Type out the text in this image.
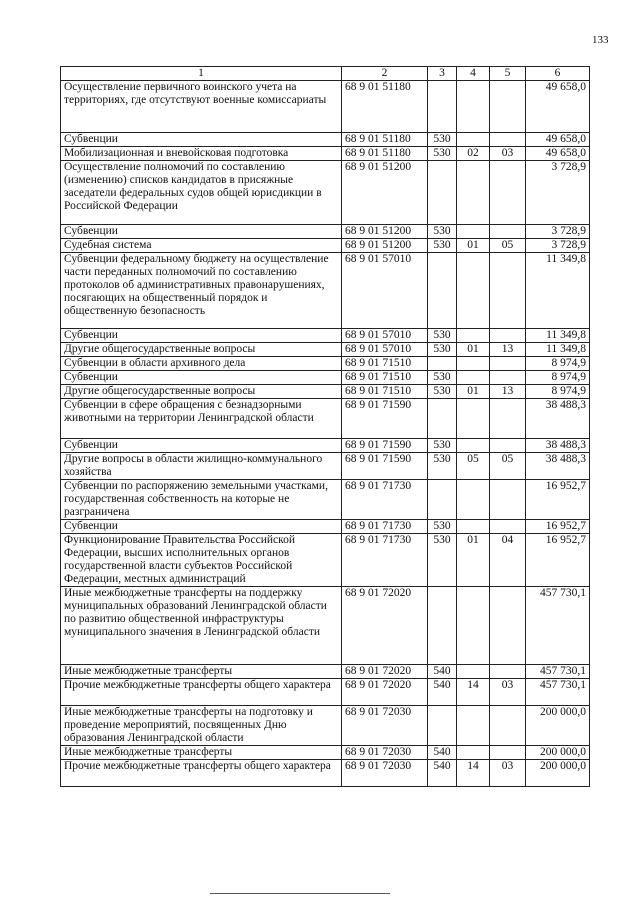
133
1	2	3	4	5	6
Осуществление первичного воинского учета на территориях, где отсутствуют военные комиссариаты	68 9 01 51180				49 658,0
Субвенции	68 9 01 51180	530			49 658,0
Мобилизационная и вневойсковая подготовка	68 9 01 51180	530	02	03	49 658,0
Осуществление полномочий по составлению (изменению) списков кандидатов в присяжные заседатели федеральных судов общей юрисдикции в Российской Федерации	68 9 01 51200				3 728,9
Субвенции	68 9 01 51200	530			3 728,9
Судебная система	68 9 01 51200	530	01	05	3 728,9
Субвенции федеральному бюджету на осуществление части переданных полномочий по составлению протоколов об административных правонарушениях, посягающих на общественный порядок и общественную безопасность	68 9 01 57010				11 349,8
Субвенции	68 9 01 57010	530			11 349,8
Другие общегосударственные вопросы	68 9 01 57010	530	01	13	11 349,8
Субвенции в области архивного дела	68 9 01 71510				8 974,9
Субвенции	68 9 01 71510	530			8 974,9
Другие общегосударственные вопросы	68 9 01 71510	530	01	13	8 974,9
Субвенции в сфере обращения с безнадзорными животными на территории Ленинградской области	68 9 01 71590				38 488,3
Субвенции	68 9 01 71590	530			38 488,3
Другие вопросы в области жилищно-коммунального хозяйства	68 9 01 71590	530	05	05	38 488,3
Субвенции по распоряжению земельными участками, государственная собственность на которые не разграничена	68 9 01 71730				16 952,7
Субвенции	68 9 01 71730	530			16 952,7
Функционирование Правительства Российской Федерации, высших исполнительных органов государственной власти субъектов Российской Федерации, местных администраций	68 9 01 71730	530	01	04	16 952,7
Иные межбюджетные трансферты на поддержку муниципальных образований Ленинградской области по развитию общественной инфраструктуры муниципального значения в Ленинградской области	68 9 01 72020				457 730,1
Иные межбюджетные трансферты	68 9 01 72020	540			457 730,1
Прочие межбюджетные трансферты общего характера	68 9 01 72020	540	14	03	457 730,1
Иные межбюджетные трансферты на подготовку и проведение мероприятий, посвященных Дню образования Ленинградской области	68 9 01 72030				200 000,0
Иные межбюджетные трансферты	68 9 01 72030	540			200 000,0
Прочие межбюджетные трансферты общего характера	68 9 01 72030	540	14	03	200 000,0
